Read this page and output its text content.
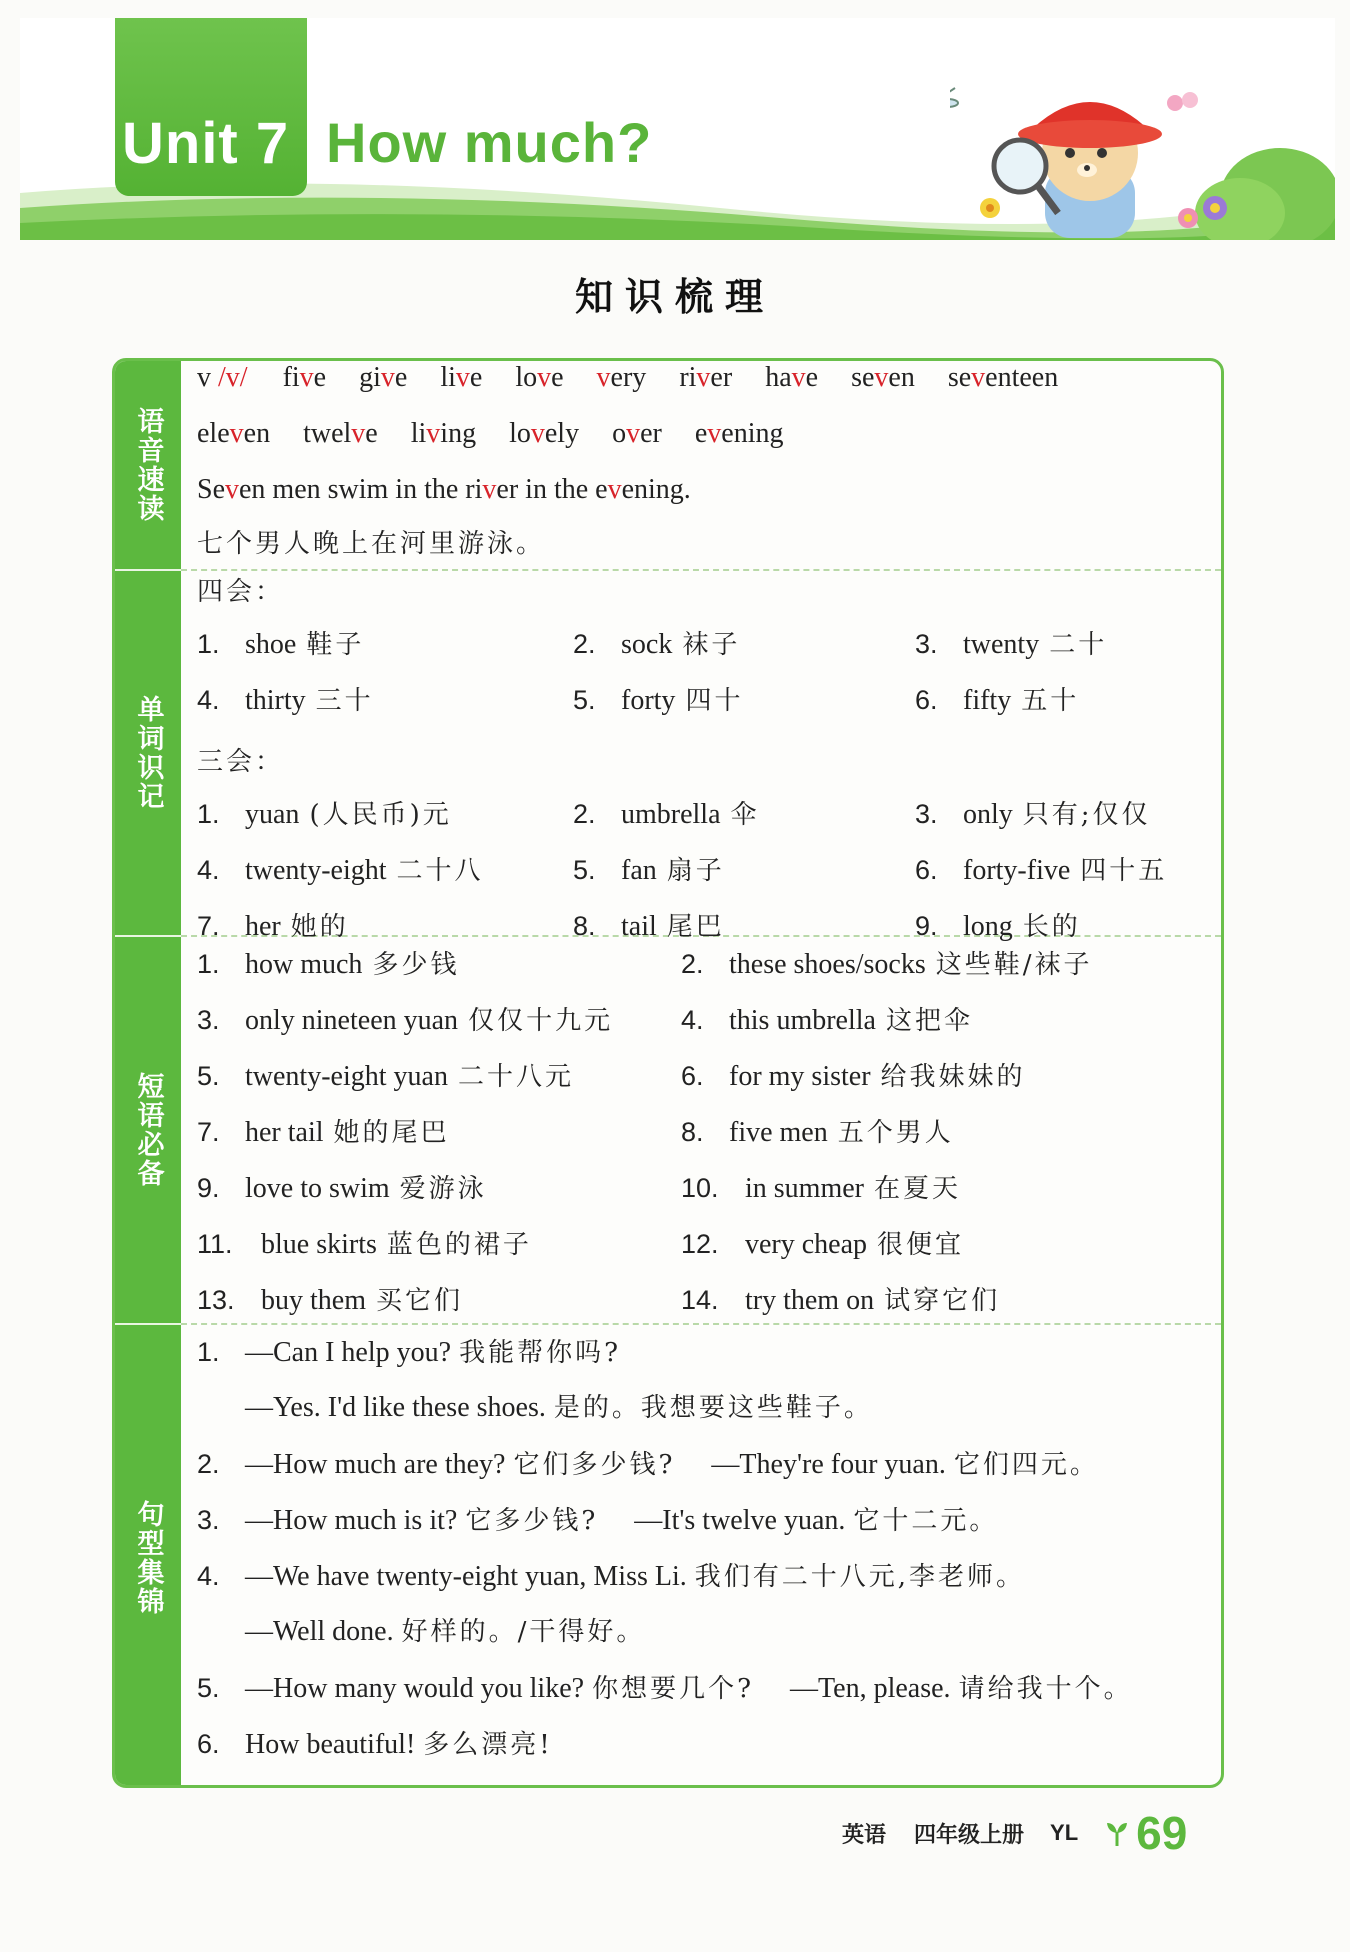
Unit 7 How much?
知识梳理
语音速读
单词识记
短语必备
句型集锦
v /v/ five give live love very river have seven seventeen
eleven twelve living lovely over evening
Seven men swim in the river in the evening.
七个男人晚上在河里游泳。
四会：
1. shoe 鞋子	2. sock 袜子	3. twenty 二十
4. thirty 三十	5. forty 四十	6. fifty 五十
三会：
1. yuan (人民币)元	2. umbrella 伞	3. only 只有;仅仅
4. twenty-eight 二十八	5. fan 扇子	6. forty-five 四十五
7. her 她的	8. tail 尾巴	9. long 长的
1. how much 多少钱	2. these shoes/socks 这些鞋/袜子
3. only nineteen yuan 仅仅十九元	4. this umbrella 这把伞
5. twenty-eight yuan 二十八元	6. for my sister 给我妹妹的
7. her tail 她的尾巴	8. five men 五个男人
9. love to swim 爱游泳	10. in summer 在夏天
11. blue skirts 蓝色的裙子	12. very cheap 很便宜
13. buy them 买它们	14. try them on 试穿它们
1. —Can I help you? 我能帮你吗?
—Yes. I'd like these shoes. 是的。我想要这些鞋子。
2. —How much are they? 它们多少钱? —They're four yuan. 它们四元。
3. —How much is it? 它多少钱? —It's twelve yuan. 它十二元。
4. —We have twenty-eight yuan, Miss Li. 我们有二十八元,李老师。
—Well done. 好样的。/干得好。
5. —How many would you like? 你想要几个? —Ten, please. 请给我十个。
6. How beautiful! 多么漂亮!
英语 四年级上册 YL 69
